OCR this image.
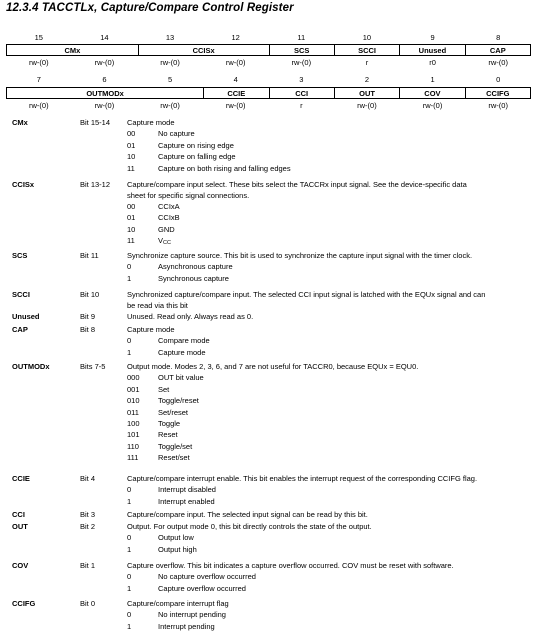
12.3.4 TACCTLx, Capture/Compare Control Register
15	14	13	12	11	10	9	8
CMx	CCISx	SCS	SCCI	Unused	CAP
rw-(0)	rw-(0)	rw-(0)	rw-(0)	rw-(0)	r	r0	rw-(0)
7	6	5	4	3	2	1	0
OUTMODx	CCIE	CCI	OUT	COV	CCIFG
rw-(0)	rw-(0)	rw-(0)	rw-(0)	r	rw-(0)	rw-(0)	rw-(0)
CMx	Bit 15-14 Capture mode
00	No capture
01	Capture on rising edge
10	Capture on falling edge
11	Capture on both rising and falling edges
CCISx	Bit 13-12 Capture/compare input select. These bits select the TACCRx input signal. See the device-specific data
sheet for specific signal connections.
00	CCIxA
01	CCIxB
10	GND
11	VCC
SCS	Bit 11	Synchronize capture source. This bit is used to synchronize the capture input signal with the timer clock.
0	Asynchronous capture
1	Synchronous capture
SCCI	Bit 10	Synchronized capture/compare input. The selected CCI input signal is latched with the EQUx signal and can
be read via this bit
Unused	Bit 9	Unused. Read only. Always read as 0.
CAP	Bit 8	Capture mode
0	Compare mode
1	Capture mode
OUTMODx	Bits 7-5	Output mode. Modes 2, 3, 6, and 7 are not useful for TACCR0, because EQUx = EQU0.
000 OUT bit value
001 Set
010 Toggle/reset
011	Set/reset
100 Toggle
101 Reset
110	Toggle/set
111	Reset/set
CCIE	Bit 4	Capture/compare interrupt enable. This bit enables the interrupt request of the corresponding CCIFG flag.
0	Interrupt disabled
1	Interrupt enabled
CCI	Bit 3	Capture/compare input. The selected input signal can be read by this bit.
OUT	Bit 2	Output. For output mode 0, this bit directly controls the state of the output.
0	Output low
1	Output high
COV	Bit 1	Capture overflow. This bit indicates a capture overflow occurred. COV must be reset with software.
0	No capture overflow occurred
1	Capture overflow occurred
CCIFG	Bit 0	Capture/compare interrupt flag
0	No interrupt pending
1	Interrupt pending
